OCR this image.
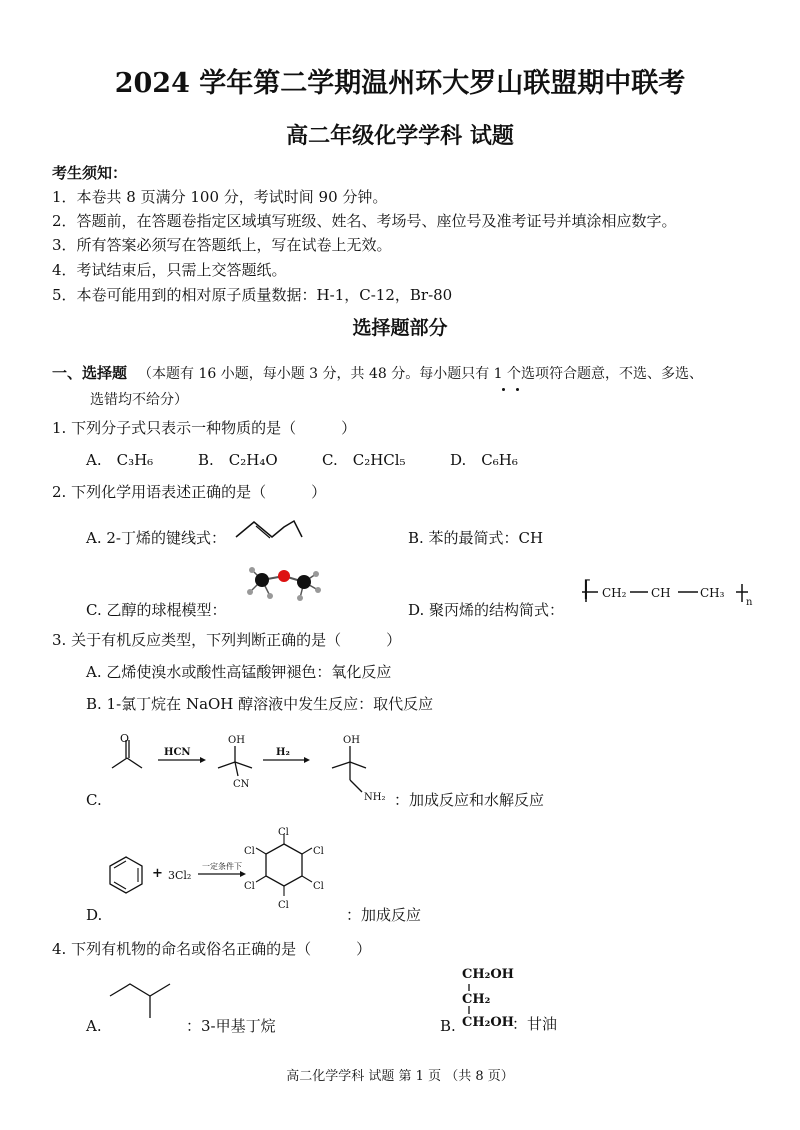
2024 学年第二学期温州环大罗山联盟期中联考
高二年级化学学科 试题
考生须知：
1．本卷共 8 页满分 100 分，考试时间 90 分钟。
2．答题前，在答题卷指定区域填写班级、姓名、考场号、座位号及准考证号并填涂相应数字。
3．所有答案必须写在答题纸上，写在试卷上无效。
4．考试结束后，只需上交答题纸。
5．本卷可能用到的相对原子质量数据：H-1，C-12，Br-80
选择题部分
一、选择题 （本题有 16 小题，每小题 3 分，共 48 分。每小题只有 1 个选项符合题意，不选、多选、
选错均不给分）
1. 下列分子式只表示一种物质的是（　　　）
A.　C₃H₆	B.　C₂H₄O	C.　C₂HCl₅	D.　C₆H₆
2. 下列化学用语表述正确的是（　　　）
A. 2-丁烯的键线式：	B. 苯的最简式：CH
C. 乙醇的球棍模型：	D. 聚丙烯的结构简式：
⌈ CH₂ CH CH₃
n
3. 关于有机反应类型，下列判断正确的是（　　　）
A. 乙烯使溴水或酸性高锰酸钾褪色：氧化反应
B. 1-氯丁烷在 NaOH 醇溶液中发生反应：取代反应
O
HCN
OH
CN
H₂
OH
NH₂
C.	：加成反应和水解反应
+ 3Cl₂
一定条件下
Cl
Cl
Cl
Cl
Cl
Cl
D.	：加成反应
4. 下列有机物的命名或俗名正确的是（　　　）
A.	：3-甲基丁烷
CH₂OH
CH₂
CH₂OH
B.	：甘油
高二化学学科 试题 第 1 页 （共 8 页）
